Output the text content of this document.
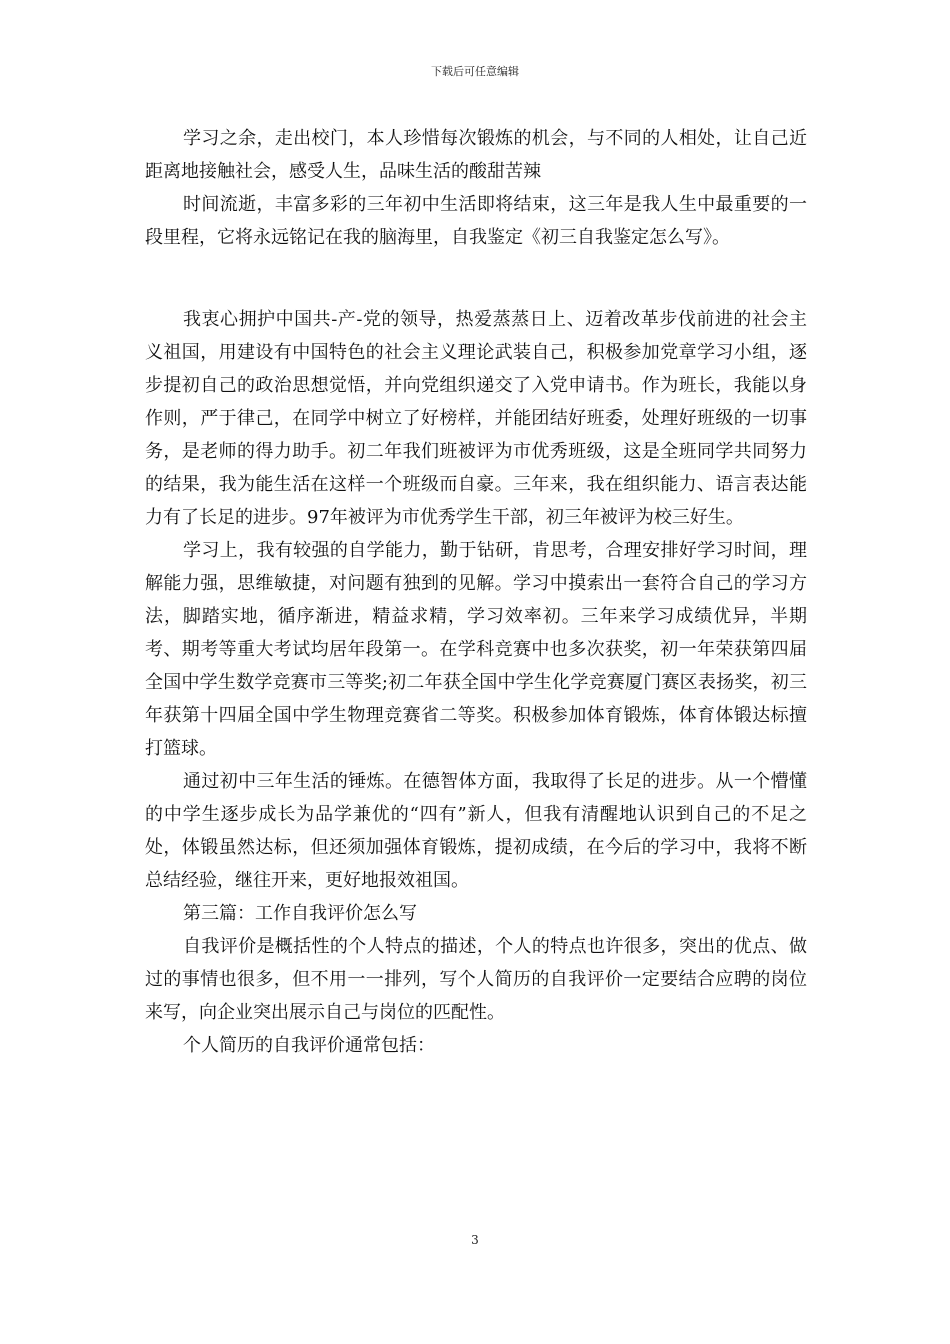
下载后可任意编辑

学习之余，走出校门，本人珍惜每次锻炼的机会，与不同的人相处，让自己近距离地接触社会，感受人生，品味生活的酸甜苦辣

时间流逝，丰富多彩的三年初中生活即将结束，这三年是我人生中最重要的一段里程，它将永远铭记在我的脑海里，自我鉴定《初三自我鉴定怎么写》。

我衷心拥护中国共-产-党的领导，热爱蒸蒸日上、迈着改革步伐前进的社会主义祖国，用建设有中国特色的社会主义理论武装自己，积极参加党章学习小组，逐步提初自己的政治思想觉悟，并向党组织递交了入党申请书。作为班长，我能以身作则，严于律己，在同学中树立了好榜样，并能团结好班委，处理好班级的一切事务，是老师的得力助手。初二年我们班被评为市优秀班级，这是全班同学共同努力的结果，我为能生活在这样一个班级而自豪。三年来，我在组织能力、语言表达能力有了长足的进步。97年被评为市优秀学生干部，初三年被评为校三好生。

学习上，我有较强的自学能力，勤于钻研，肯思考，合理安排好学习时间，理解能力强，思维敏捷，对问题有独到的见解。学习中摸索出一套符合自己的学习方法，脚踏实地，循序渐进，精益求精，学习效率初。三年来学习成绩优异，半期考、期考等重大考试均居年段第一。在学科竞赛中也多次获奖，初一年荣获第四届全国中学生数学竞赛市三等奖;初二年获全国中学生化学竞赛厦门赛区表扬奖，初三年获第十四届全国中学生物理竞赛省二等奖。积极参加体育锻炼，体育体锻达标擅打篮球。

通过初中三年生活的锤炼。在德智体方面，我取得了长足的进步。从一个懵懂的中学生逐步成长为品学兼优的“四有”新人，但我有清醒地认识到自己的不足之处，体锻虽然达标，但还须加强体育锻炼，提初成绩，在今后的学习中，我将不断总结经验，继往开来，更好地报效祖国。

第三篇：工作自我评价怎么写

自我评价是概括性的个人特点的描述，个人的特点也许很多，突出的优点、做过的事情也很多，但不用一一排列，写个人简历的自我评价一定要结合应聘的岗位来写，向企业突出展示自己与岗位的匹配性。

个人简历的自我评价通常包括：

3
